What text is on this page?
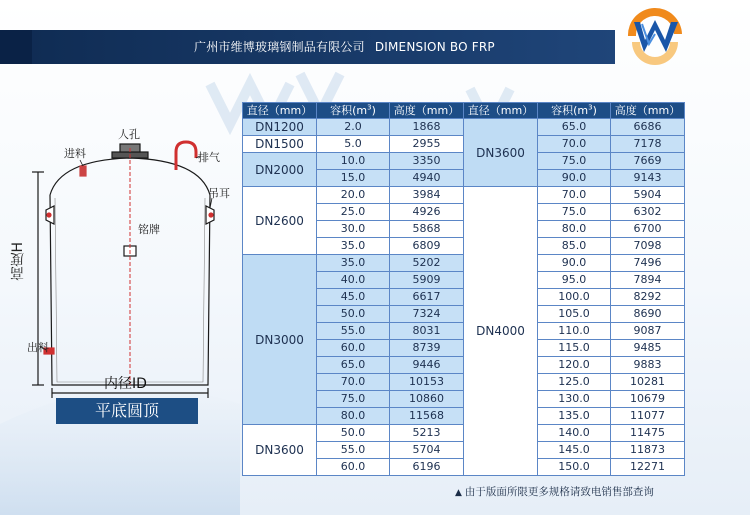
广州市维博玻璃钢制品有限公司 DIMENSION BO FRP
人孔
进料	排气
吊耳
铭牌
出料
高度H
内径ID
平底圆顶
直径（mm）	容积$(m^3)$	高度（mm）	直径（mm）	容积$(m^3)$	高度（mm）
DN1200	2.0	1868	DN3600	65.0	6686
DN1500	5.0	2955		70.0	7178
DN2000	10.0	3350		75.0	7669
	15.0	4940		90.0	9143
DN2600	20.0	3984	DN4000	70.0	5904
	25.0	4926		75.0	6302
	30.0	5868		80.0	6700
	35.0	6809		85.0	7098
DN3000	35.0	5202		90.0	7496
	40.0	5909		95.0	7894
	45.0	6617		100.0	8292
	50.0	7324		105.0	8690
	55.0	8031		110.0	9087
	60.0	8739		115.0	9485
	65.0	9446		120.0	9883
	70.0	10153		125.0	10281
	75.0	10860		130.0	10679
	80.0	11568		135.0	11077
DN3600	50.0	5213		140.0	11475
	55.0	5704		145.0	11873
	60.0	6196		150.0	12271
▲ 由于版面所限更多规格请致电销售部查询
